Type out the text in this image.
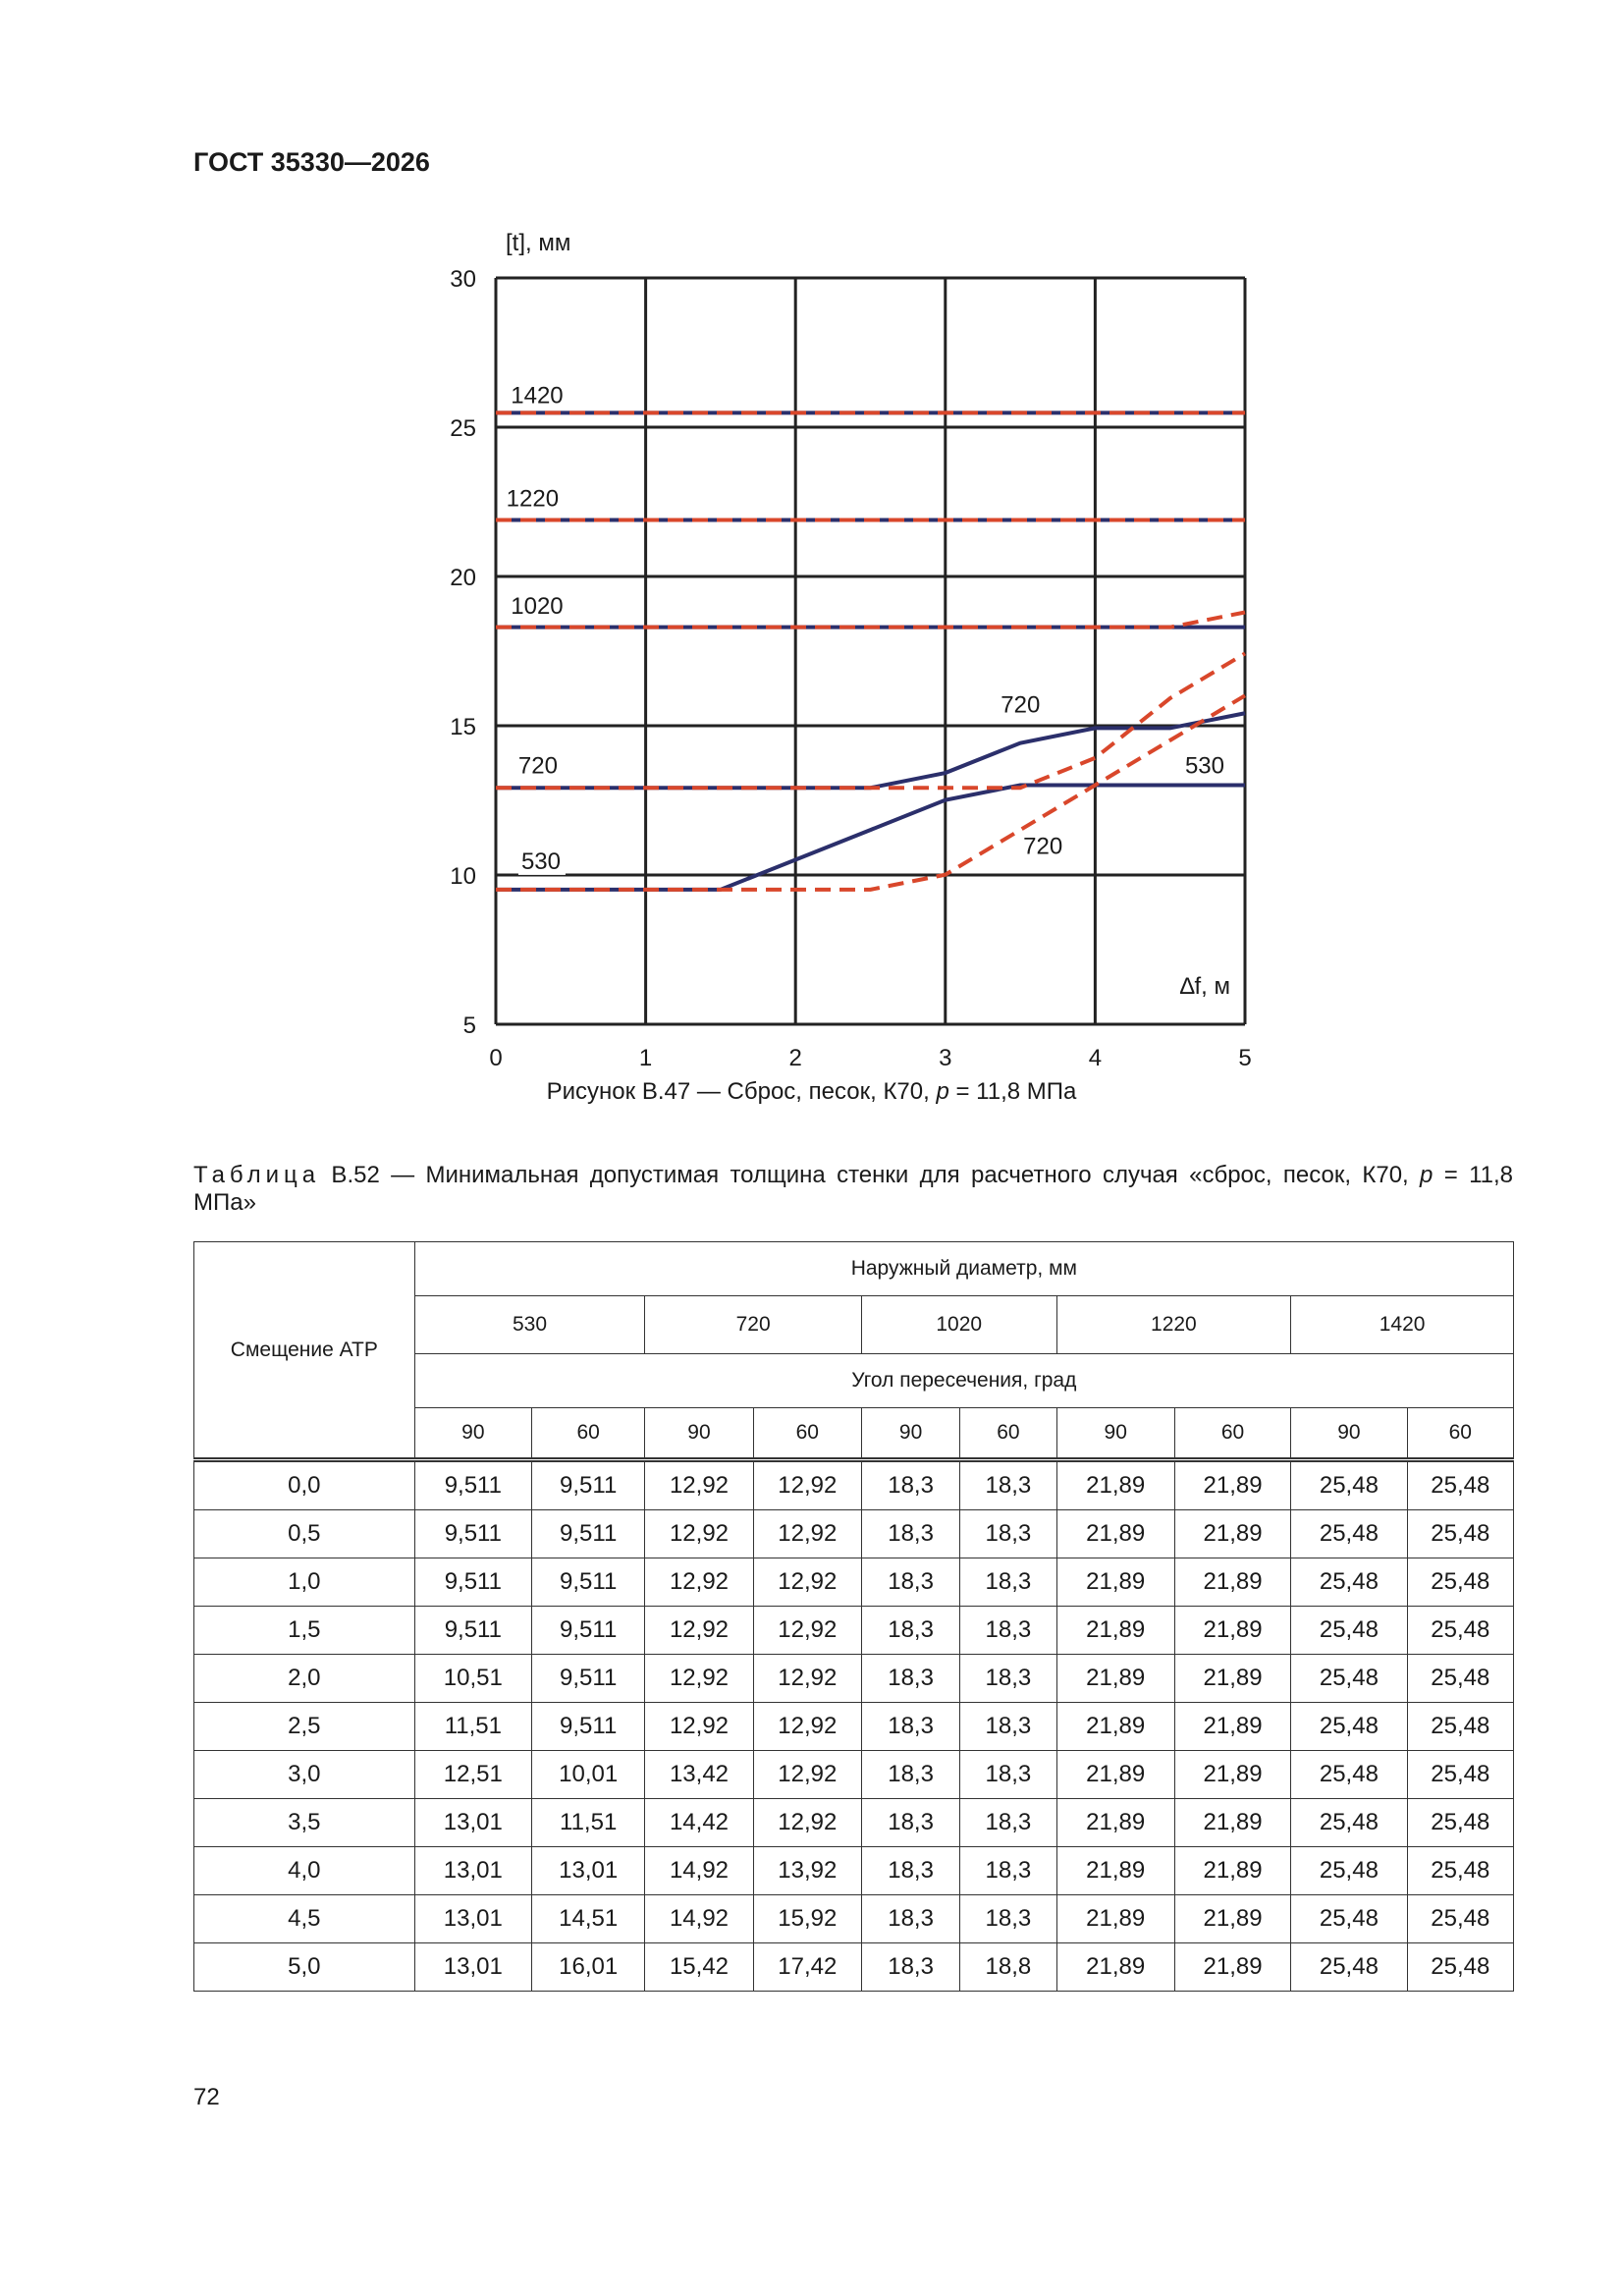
ГОСТ 35330—2026
0	1	2	3	4	5
5
10
15
20
25
30
[t], мм
∆f, м
1420
1220
1020
720
530
720
530
720
Рисунок В.47 — Сброс, песок, К70, p = 11,8 МПа
Таблица В.52 — Минимальная допустимая толщина стенки для расчетного случая «сброс, песок, К70, p = 11,8 МПа»
Смещение АТР	Наружный диаметр, мм									
	530		720		1020		1220		1420	
	Угол пересечения, град									
	90	60	90	60	90	60	90	60	90	60
0,0	9,511	9,511	12,92	12,92	18,3	18,3	21,89	21,89	25,48	25,48
0,5	9,511	9,511	12,92	12,92	18,3	18,3	21,89	21,89	25,48	25,48
1,0	9,511	9,511	12,92	12,92	18,3	18,3	21,89	21,89	25,48	25,48
1,5	9,511	9,511	12,92	12,92	18,3	18,3	21,89	21,89	25,48	25,48
2,0	10,51	9,511	12,92	12,92	18,3	18,3	21,89	21,89	25,48	25,48
2,5	11,51	9,511	12,92	12,92	18,3	18,3	21,89	21,89	25,48	25,48
3,0	12,51	10,01	13,42	12,92	18,3	18,3	21,89	21,89	25,48	25,48
3,5	13,01	11,51	14,42	12,92	18,3	18,3	21,89	21,89	25,48	25,48
4,0	13,01	13,01	14,92	13,92	18,3	18,3	21,89	21,89	25,48	25,48
4,5	13,01	14,51	14,92	15,92	18,3	18,3	21,89	21,89	25,48	25,48
5,0	13,01	16,01	15,42	17,42	18,3	18,8	21,89	21,89	25,48	25,48
72
